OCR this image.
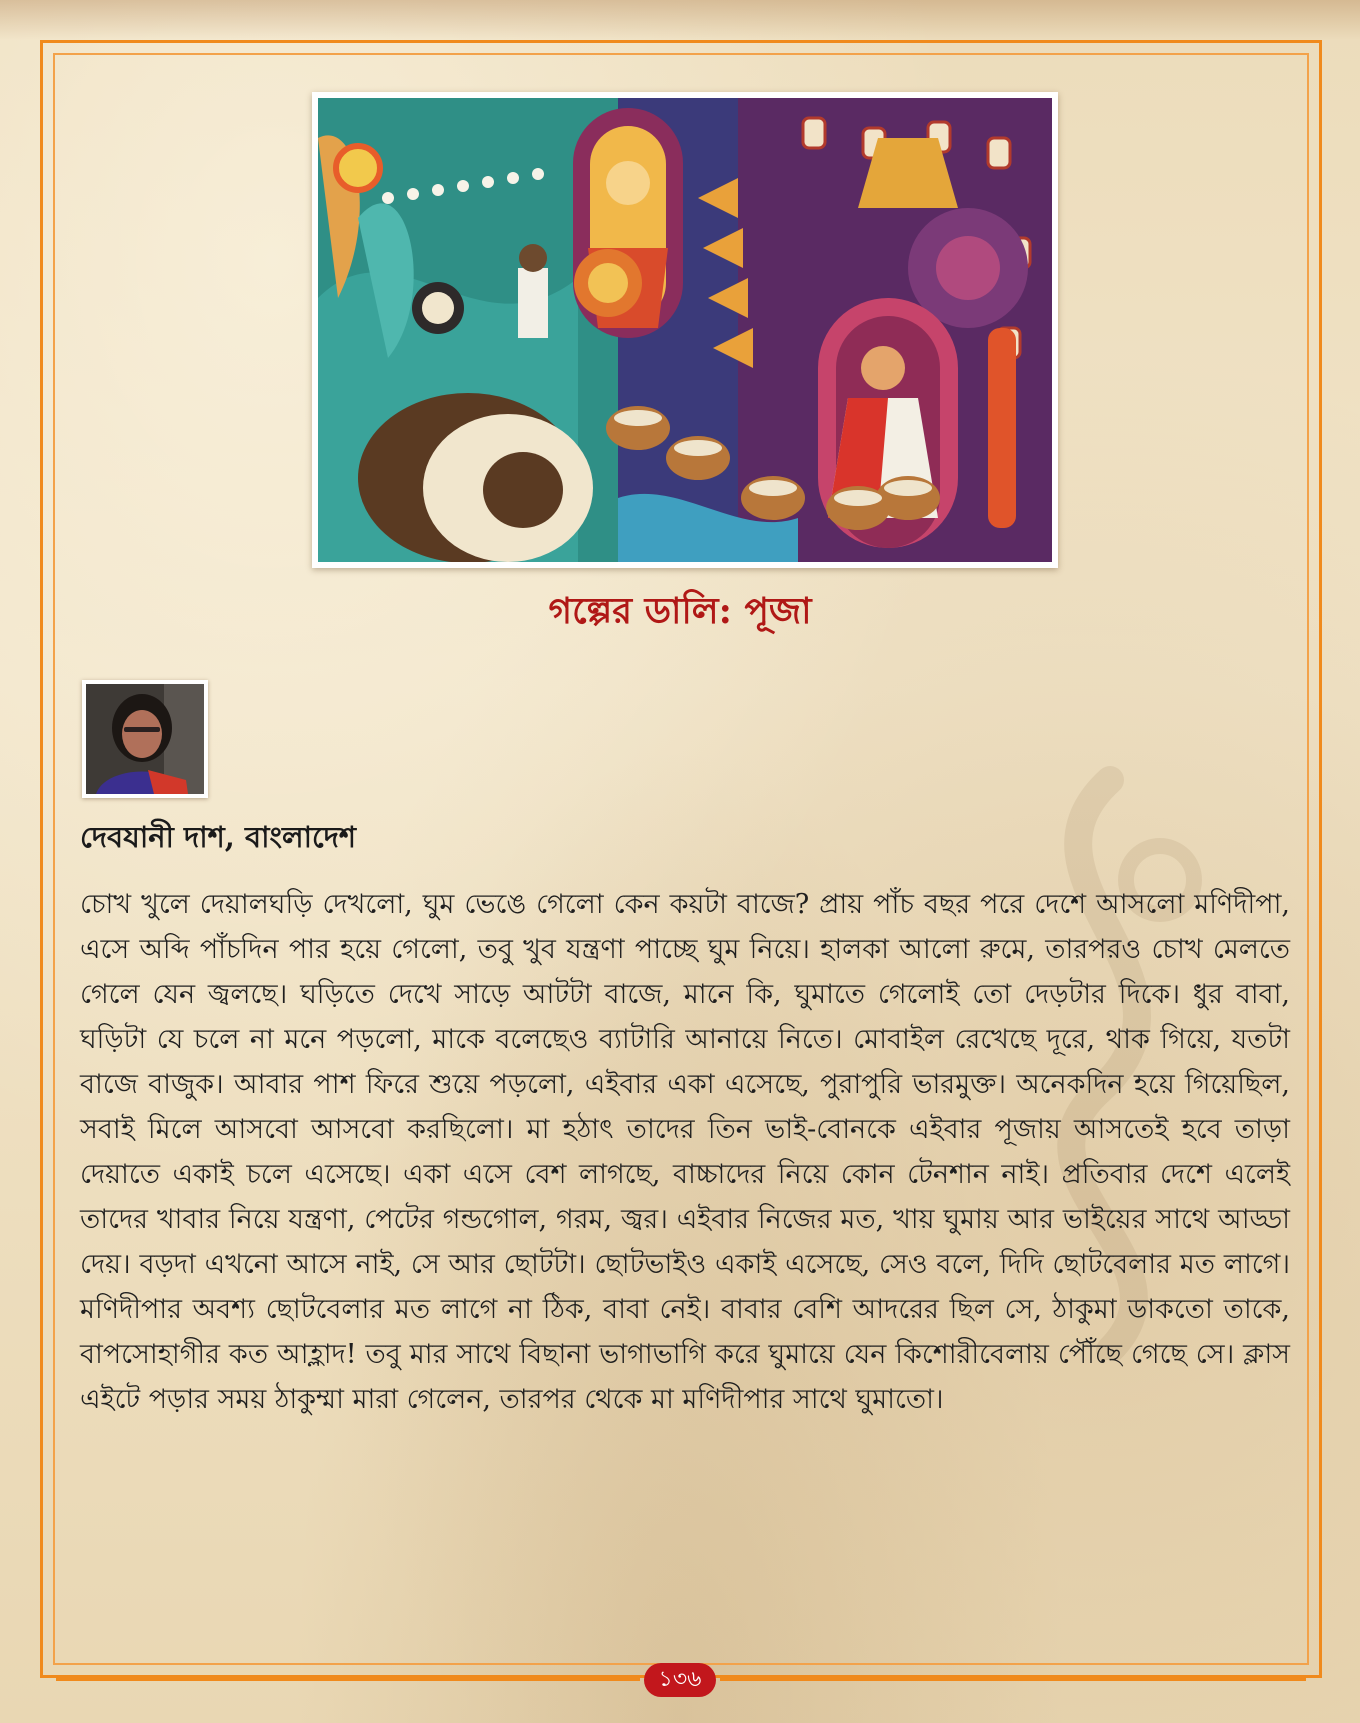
গল্পের ডালি: পূজা
দেবযানী দাশ, বাংলাদেশ

চোখ খুলে দেয়ালঘড়ি দেখলো, ঘুম ভেঙে গেলো কেন কয়টা বাজে? প্রায় পাঁচ বছর পরে দেশে আসলো মণিদীপা, এসে অব্দি পাঁচদিন পার হয়ে গেলো, তবু খুব যন্ত্রণা পাচ্ছে ঘুম নিয়ে। হালকা আলো রুমে, তারপরও চোখ মেলতে গেলে যেন জ্বলছে। ঘড়িতে দেখে সাড়ে আটটা বাজে, মানে কি, ঘুমাতে গেলোই তো দেড়টার দিকে। ধুর বাবা, ঘড়িটা যে চলে না মনে পড়লো, মাকে বলেছেও ব্যাটারি আনায়ে নিতে। মোবাইল রেখেছে দূরে, থাক গিয়ে, যতটা বাজে বাজুক। আবার পাশ ফিরে শুয়ে পড়লো, এইবার একা এসেছে, পুরাপুরি ভারমুক্ত। অনেকদিন হয়ে গিয়েছিল, সবাই মিলে আসবো আসবো করছিলো। মা হঠাৎ তাদের তিন ভাই-বোনকে এইবার পূজায় আসতেই হবে তাড়া দেয়াতে একাই চলে এসেছে। একা এসে বেশ লাগছে, বাচ্চাদের নিয়ে কোন টেনশান নাই। প্রতিবার দেশে এলেই তাদের খাবার নিয়ে যন্ত্রণা, পেটের গন্ডগোল, গরম, জ্বর। এইবার নিজের মত, খায় ঘুমায় আর ভাইয়ের সাথে আড্ডা দেয়। বড়দা এখনো আসে নাই, সে আর ছোটটা। ছোটভাইও একাই এসেছে, সেও বলে, দিদি ছোটবেলার মত লাগে। মণিদীপার অবশ্য ছোটবেলার মত লাগে না ঠিক, বাবা নেই। বাবার বেশি আদরের ছিল সে, ঠাকুমা ডাকতো তাকে, বাপসোহাগীর কত আহ্লাদ! তবু মার সাথে বিছানা ভাগাভাগি করে ঘুমায়ে যেন কিশোরীবেলায় পৌঁছে গেছে সে। ক্লাস এইটে পড়ার সময় ঠাকুম্মা মারা গেলেন, তারপর থেকে মা মণিদীপার সাথে ঘুমাতো।

১৩৬
